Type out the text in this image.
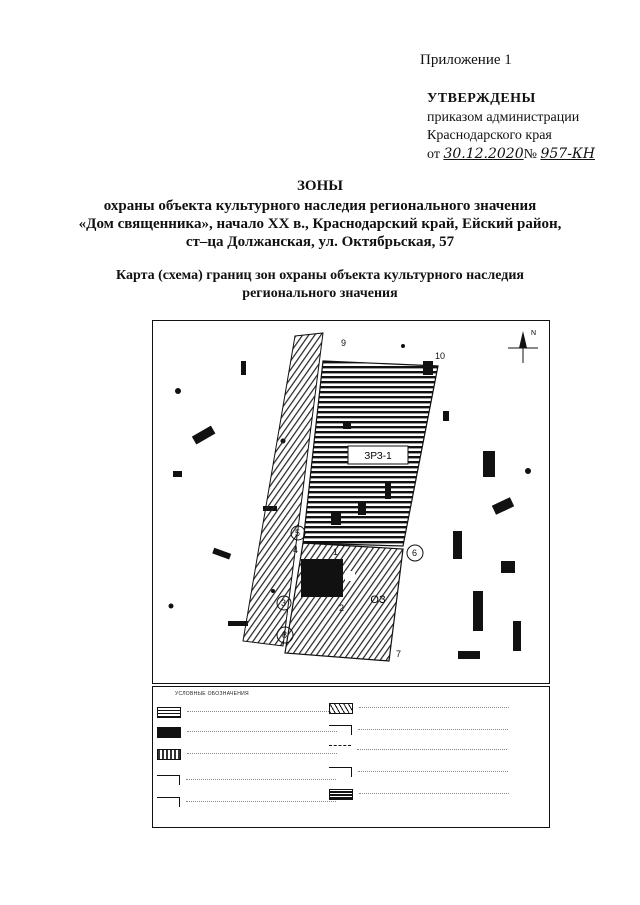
Приложение 1
УТВЕРЖДЕНЫ
приказом администрации
Краснодарского края
от 30.12.2020№ 957-КН
ЗОНЫ
охраны объекта культурного наследия регионального значения
«Дом священника», начало XX в., Краснодарский край, Ейский район,
ст–ца Должанская, ул. Октябрьская, 57
Карта (схема) границ зон охраны объекта культурного наследия
регионального значения
ЗРЗ-1
ОЗ
1
2
3
4
5
6
7
8
9
10
N
УСЛОВНЫЕ ОБОЗНАЧЕНИЯ
